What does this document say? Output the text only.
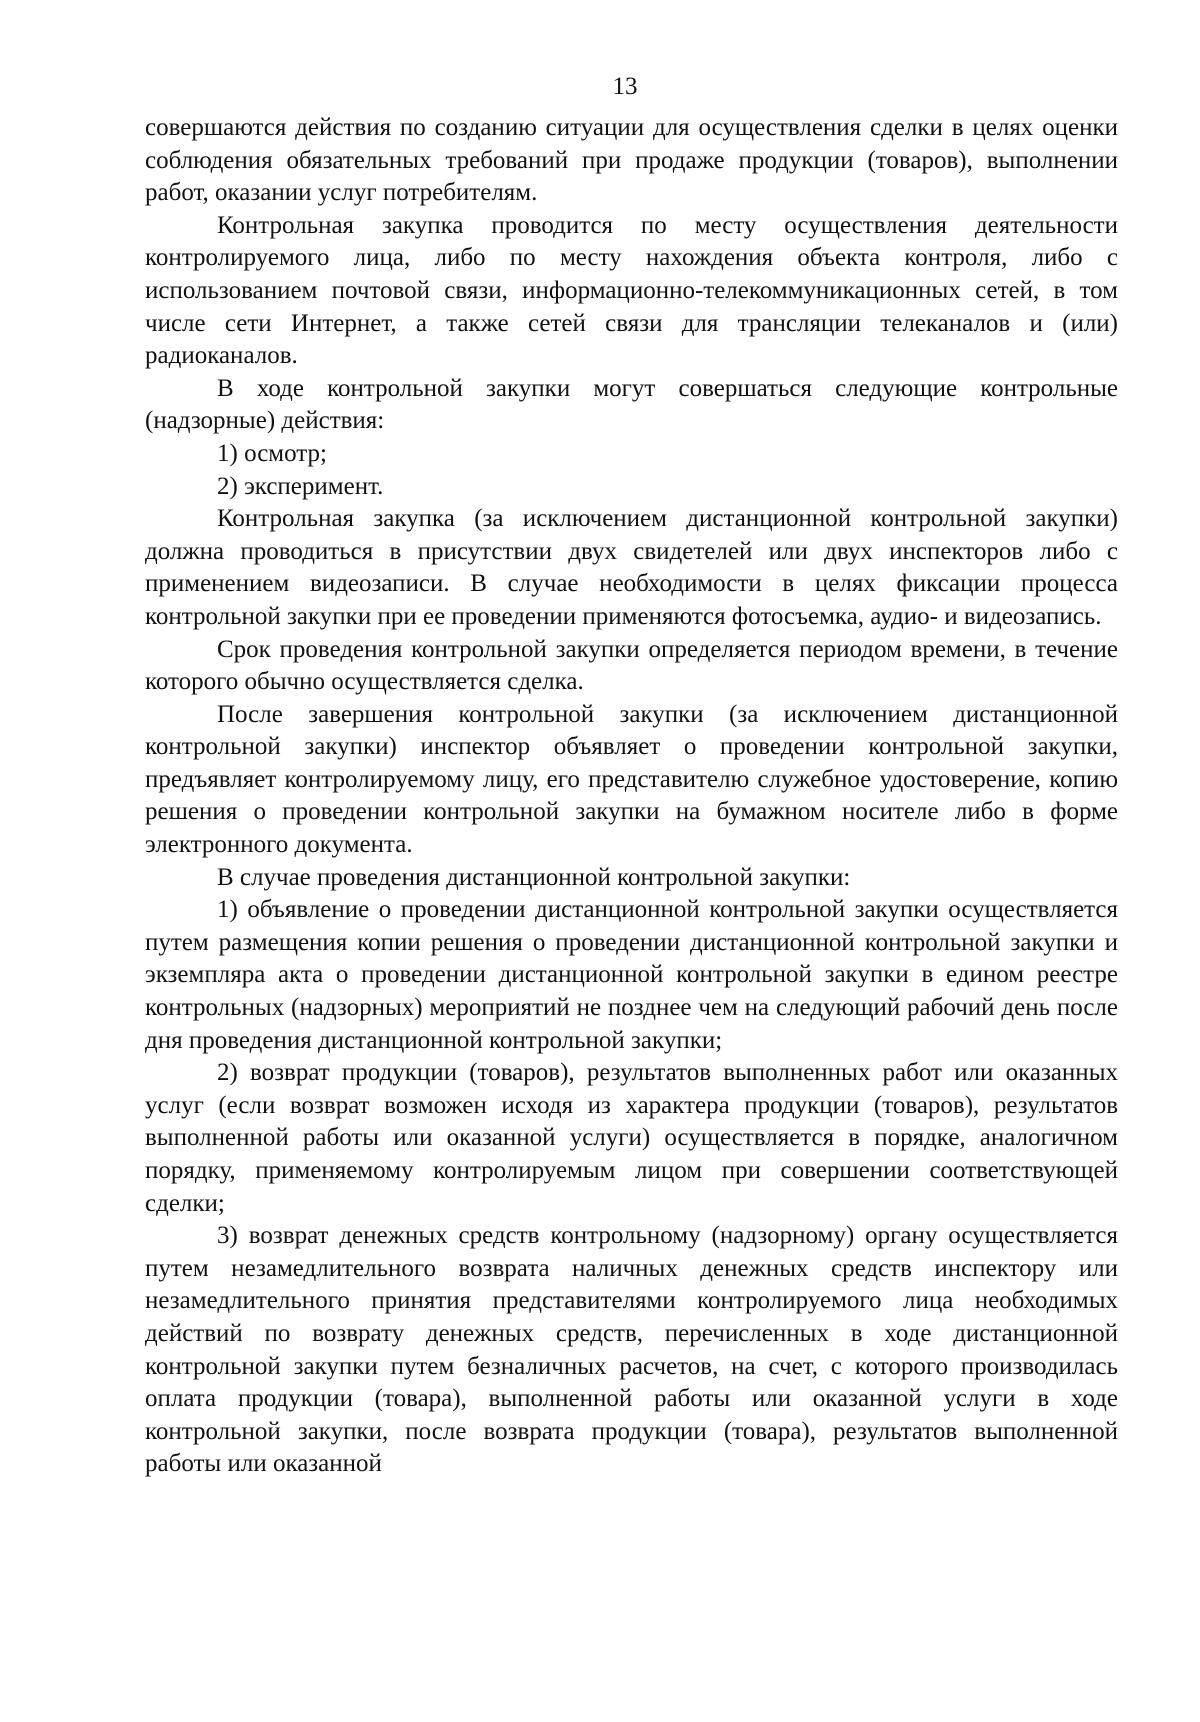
13

совершаются действия по созданию ситуации для осуществления сделки в целях оценки соблюдения обязательных требований при продаже продукции (товаров), выполнении работ, оказании услуг потребителям.

Контрольная закупка проводится по месту осуществления деятельности контролируемого лица, либо по месту нахождения объекта контроля, либо с использованием почтовой связи, информационно-телекоммуникационных сетей, в том числе сети Интернет, а также сетей связи для трансляции телеканалов и (или) радиоканалов.

В ходе контрольной закупки могут совершаться следующие контрольные (надзорные) действия:

1) осмотр;

2) эксперимент.

Контрольная закупка (за исключением дистанционной контрольной закупки) должна проводиться в присутствии двух свидетелей или двух инспекторов либо с применением видеозаписи. В случае необходимости в целях фиксации процесса контрольной закупки при ее проведении применяются фотосъемка, аудио- и видеозапись.

Срок проведения контрольной закупки определяется периодом времени, в течение которого обычно осуществляется сделка.

После завершения контрольной закупки (за исключением дистанционной контрольной закупки) инспектор объявляет о проведении контрольной закупки, предъявляет контролируемому лицу, его представителю служебное удостоверение, копию решения о проведении контрольной закупки на бумажном носителе либо в форме электронного документа.

В случае проведения дистанционной контрольной закупки:

1) объявление о проведении дистанционной контрольной закупки осуществляется путем размещения копии решения о проведении дистанционной контрольной закупки и экземпляра акта о проведении дистанционной контрольной закупки в едином реестре контрольных (надзорных) мероприятий не позднее чем на следующий рабочий день после дня проведения дистанционной контрольной закупки;

2) возврат продукции (товаров), результатов выполненных работ или оказанных услуг (если возврат возможен исходя из характера продукции (товаров), результатов выполненной работы или оказанной услуги) осуществляется в порядке, аналогичном порядку, применяемому контролируемым лицом при совершении соответствующей сделки;

3) возврат денежных средств контрольному (надзорному) органу осуществляется путем незамедлительного возврата наличных денежных средств инспектору или незамедлительного принятия представителями контролируемого лица необходимых действий по возврату денежных средств, перечисленных в ходе дистанционной контрольной закупки путем безналичных расчетов, на счет, с которого производилась оплата продукции (товара), выполненной работы или оказанной услуги в ходе контрольной закупки, после возврата продукции (товара), результатов выполненной работы или оказанной
